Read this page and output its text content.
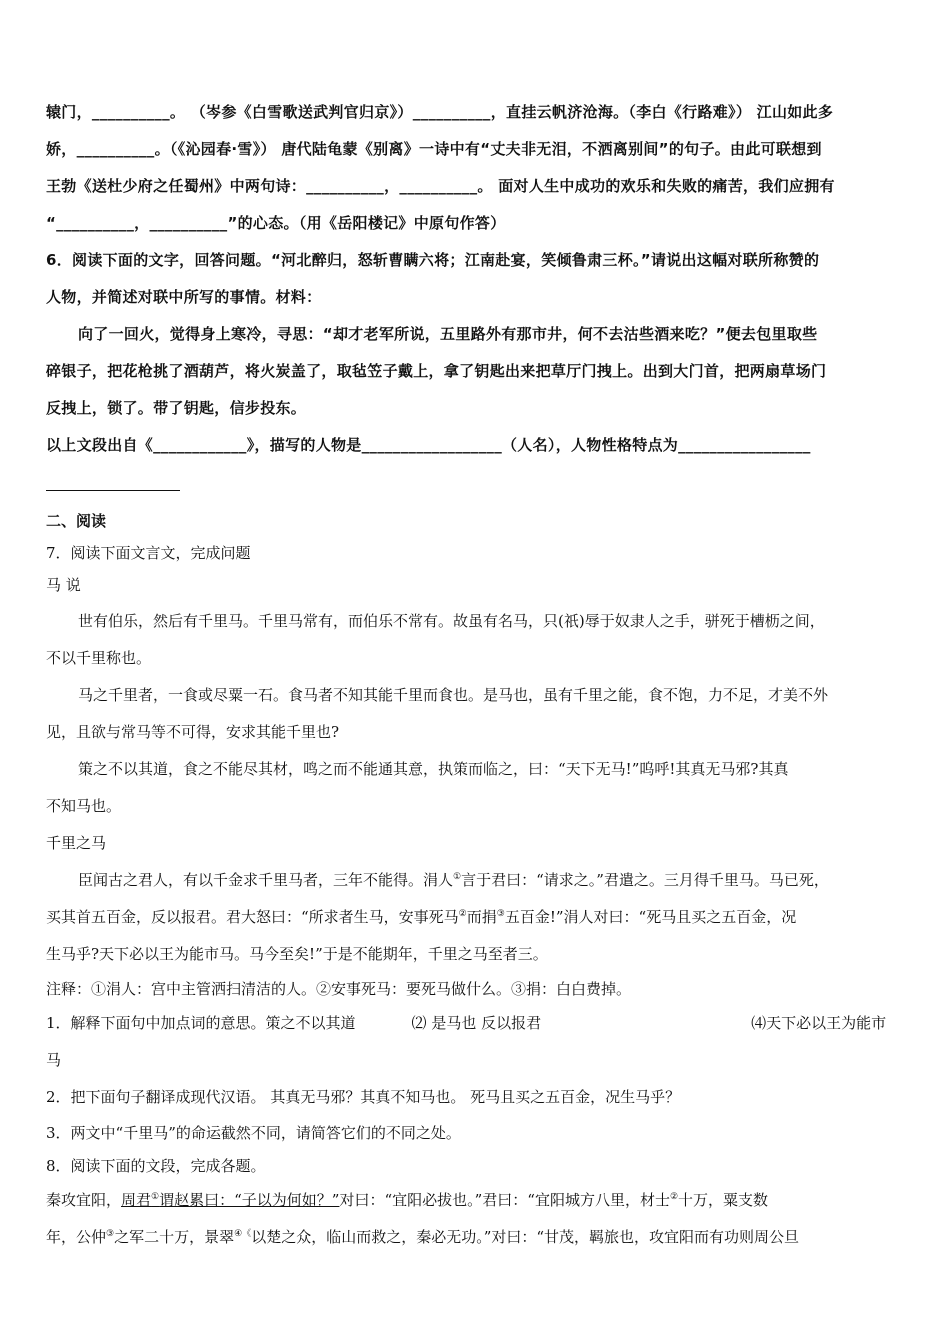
辕门，__________。 （岑参《白雪歌送武判官归京》）__________，直挂云帆济沧海。（李白《行路难》） 江山如此多
娇，__________。（《沁园春·雪》） 唐代陆龟蒙《别离》一诗中有“丈夫非无泪，不洒离别间”的句子。由此可联想到
王勃《送杜少府之任蜀州》中两句诗：__________，__________。 面对人生中成功的欢乐和失败的痛苦，我们应拥有
“__________，__________”的心态。（用《岳阳楼记》中原句作答）
6．阅读下面的文字，回答问题。“河北醉归，怒斩曹瞒六将；江南赴宴，笑倾鲁肃三杯。”请说出这幅对联所称赞的
人物，并简述对联中所写的事情。材料：
向了一回火，觉得身上寒冷，寻思：“却才老军所说，五里路外有那市井，何不去沽些酒来吃？”便去包里取些
碎银子，把花枪挑了酒葫芦，将火炭盖了，取毡笠子戴上，拿了钥匙出来把草厅门拽上。出到大门首，把两扇草场门
反拽上，锁了。带了钥匙，信步投东。
以上文段出自《____________》，描写的人物是__________________（人名），人物性格特点为_________________
二、阅读
7．阅读下面文言文，完成问题
马 说
世有伯乐，然后有千里马。千里马常有，而伯乐不常有。故虽有名马，只(祇)辱于奴隶人之手，骈死于槽枥之间，
不以千里称也。
马之千里者，一食或尽粟一石。食马者不知其能千里而食也。是马也，虽有千里之能，食不饱，力不足，才美不外
见，且欲与常马等不可得，安求其能千里也?
策之不以其道，食之不能尽其材，鸣之而不能通其意，执策而临之，曰：“天下无马!”呜呼!其真无马邪?其真
不知马也。
千里之马
臣闻古之君人，有以千金求千里马者，三年不能得。涓人①言于君曰：“请求之。”君遣之。三月得千里马。马已死，
买其首五百金，反以报君。君大怒曰：“所求者生马，安事死马②而捐③五百金!”涓人对曰：“死马且买之五百金，况
生马乎?天下必以王为能市马。马今至矣!”于是不能期年，千里之马至者三。
注释：①涓人：宫中主管洒扫清洁的人。②安事死马：要死马做什么。③捐：白白费掉。
1．解释下面句中加点词的意思。策之不以其道	⑵ 是马也 反以报君	⑷天下必以王为能市
马
2．把下面句子翻译成现代汉语。 其真无马邪？其真不知马也。 死马且买之五百金，况生马乎？
3．两文中“千里马”的命运截然不同，请简答它们的不同之处。
8．阅读下面的文段，完成各题。
秦攻宜阳，周君①谓赵累曰：“子以为何如？”对曰：“宜阳必拔也。”君曰：“宜阳城方八里，材士②十万，粟支数
年，公仲③之军二十万，景翠④《以楚之众，临山而救之，秦必无功。”对曰：“甘茂，羁旅也，攻宜阳而有功则周公旦
